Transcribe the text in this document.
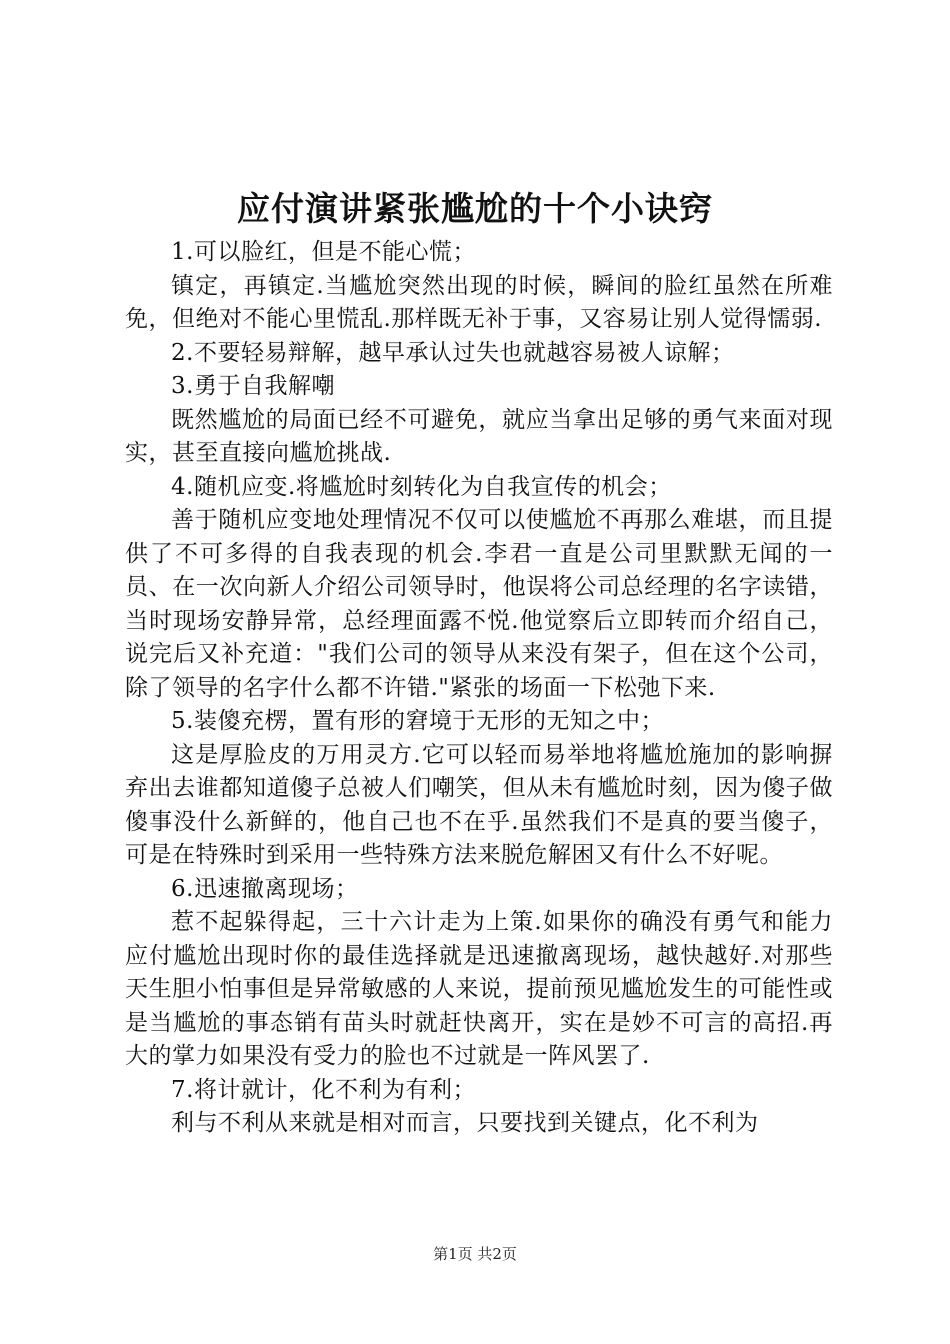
应付演讲紧张尴尬的十个小诀窍

1.可以脸红，但是不能心慌；

镇定，再镇定.当尴尬突然出现的时候，瞬间的脸红虽然在所难免，但绝对不能心里慌乱.那样既无补于事，又容易让别人觉得懦弱.

2.不要轻易辩解，越早承认过失也就越容易被人谅解；

3.勇于自我解嘲

既然尴尬的局面已经不可避免，就应当拿出足够的勇气来面对现实，甚至直接向尴尬挑战.

4.随机应变.将尴尬时刻转化为自我宣传的机会；

善于随机应变地处理情况不仅可以使尴尬不再那么难堪，而且提供了不可多得的自我表现的机会.李君一直是公司里默默无闻的一员、在一次向新人介绍公司领导时，他误将公司总经理的名字读错，当时现场安静异常，总经理面露不悦.他觉察后立即转而介绍自己，说完后又补充道："我们公司的领导从来没有架子，但在这个公司，除了领导的名字什么都不许错."紧张的场面一下松弛下来.

5.装傻充楞，置有形的窘境于无形的无知之中；

这是厚脸皮的万用灵方.它可以轻而易举地将尴尬施加的影响摒弃出去谁都知道傻子总被人们嘲笑，但从未有尴尬时刻，因为傻子做傻事没什么新鲜的，他自己也不在乎.虽然我们不是真的要当傻子，可是在特殊时到采用一些特殊方法来脱危解困又有什么不好呢。

6.迅速撤离现场；

惹不起躲得起，三十六计走为上策.如果你的确没有勇气和能力应付尴尬出现时你的最佳选择就是迅速撤离现场，越快越好.对那些天生胆小怕事但是异常敏感的人来说，提前预见尴尬发生的可能性或是当尴尬的事态销有苗头时就赶快离开，实在是妙不可言的高招.再大的掌力如果没有受力的脸也不过就是一阵风罢了.

7.将计就计，化不利为有利；

利与不利从来就是相对而言，只要找到关键点，化不利为

第1页 共2页
